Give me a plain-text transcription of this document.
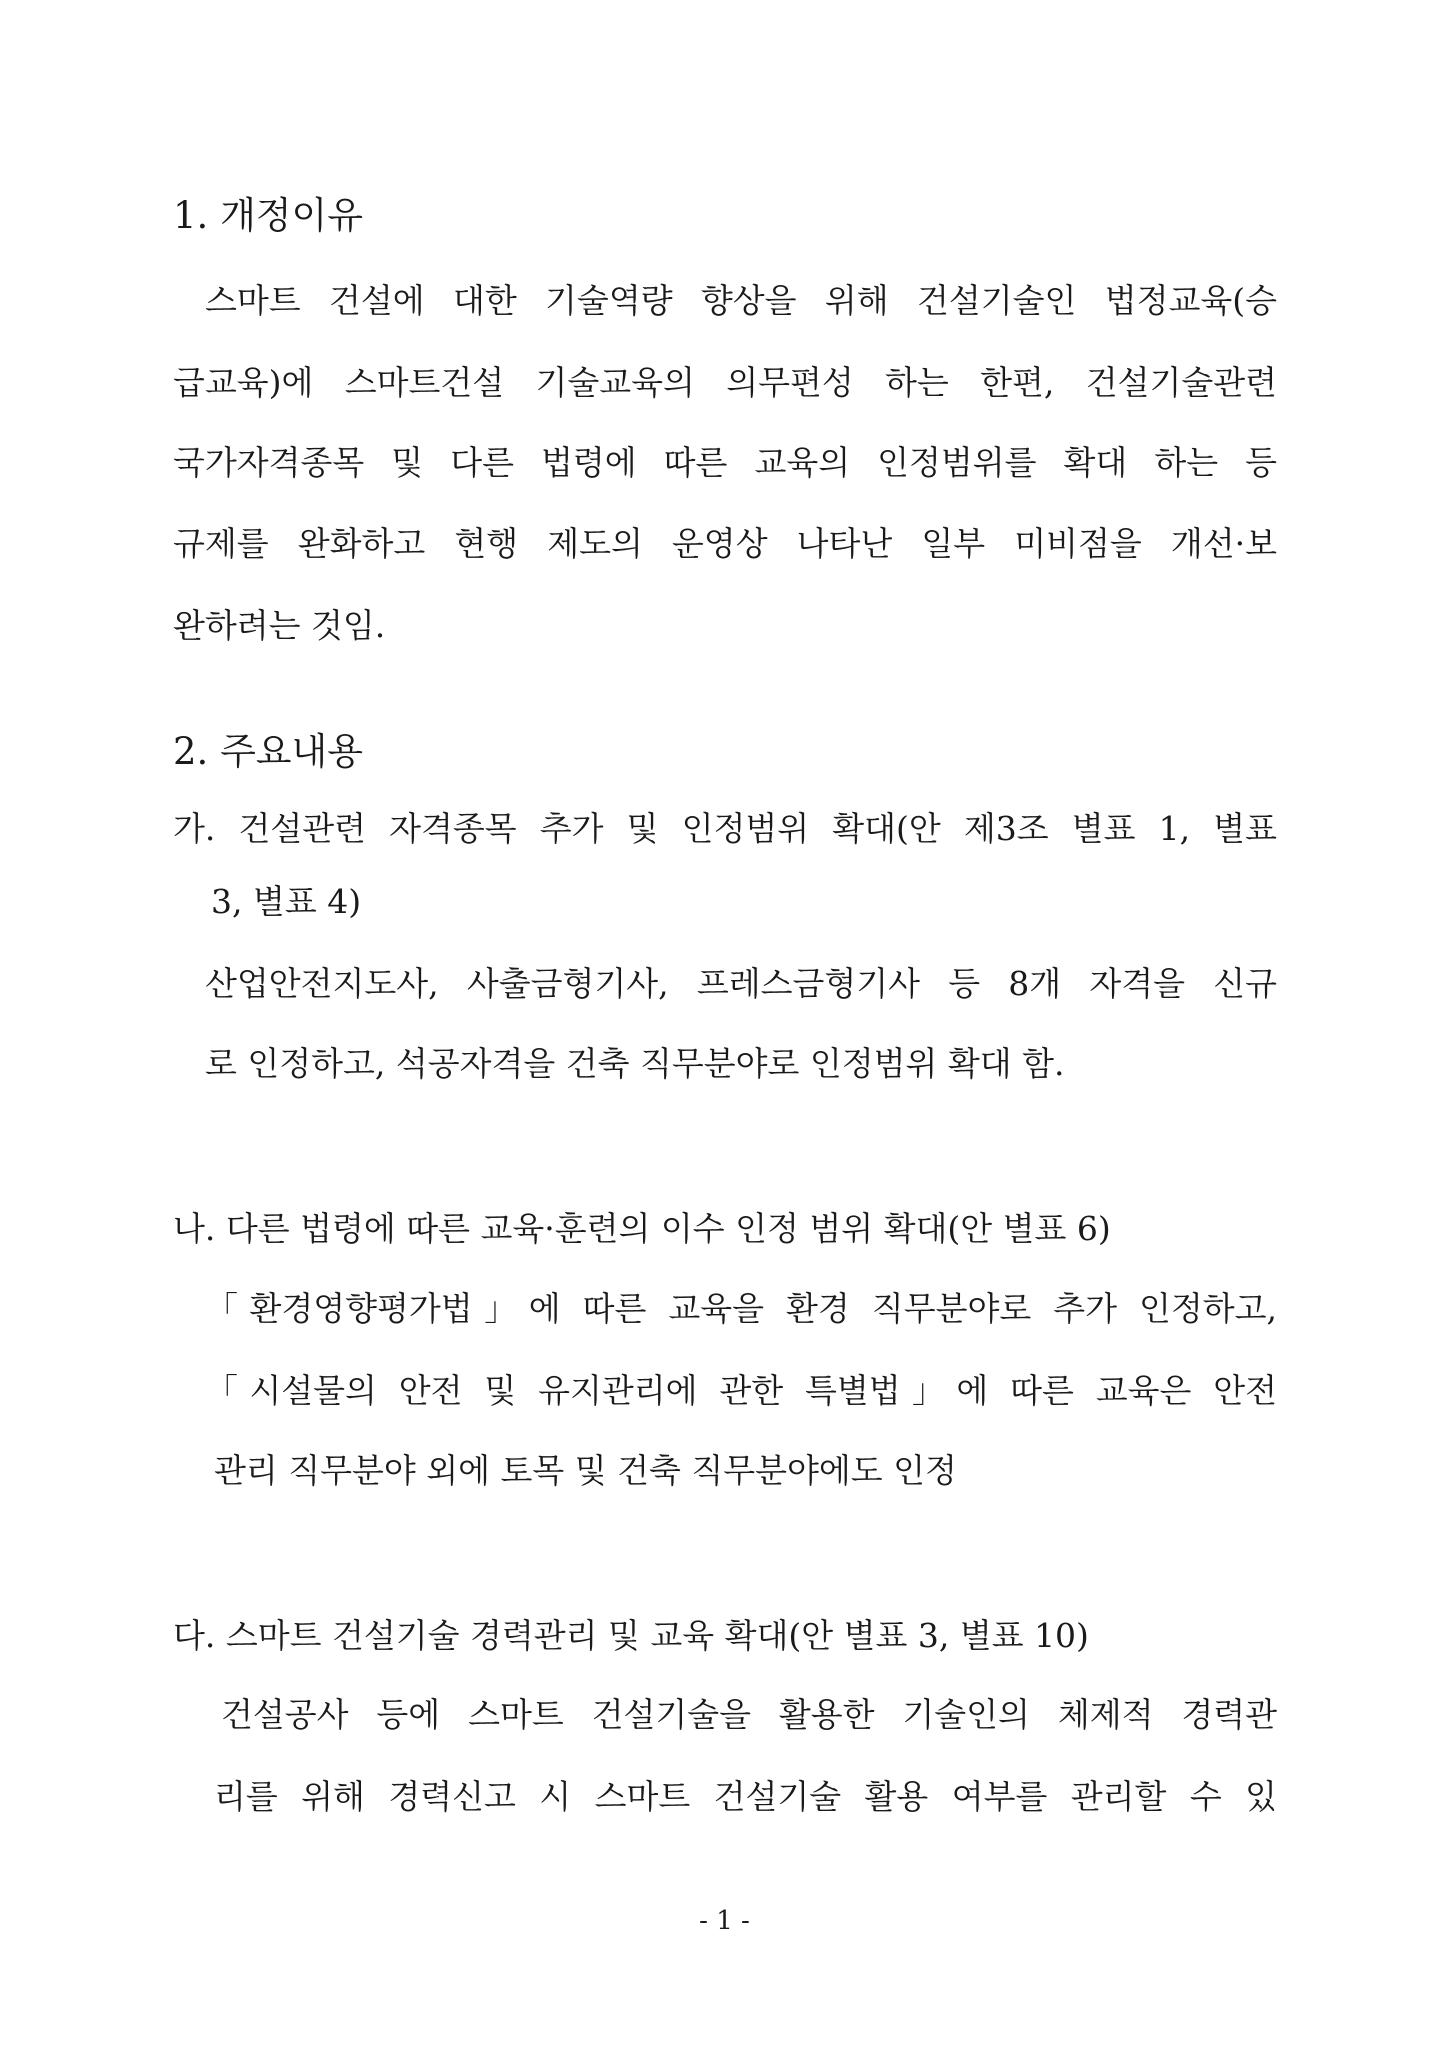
1. 개정이유
스마트 건설에 대한 기술역량 향상을 위해 건설기술인 법정교육(승
급교육)에 스마트건설 기술교육의 의무편성 하는 한편, 건설기술관련
국가자격종목 및 다른 법령에 따른 교육의 인정범위를 확대 하는 등
규제를 완화하고 현행 제도의 운영상 나타난 일부 미비점을 개선·보
완하려는 것임.
2. 주요내용
가. 건설관련 자격종목 추가 및 인정범위 확대(안 제3조 별표 1, 별표
3, 별표 4)
산업안전지도사, 사출금형기사, 프레스금형기사 등 8개 자격을 신규
로 인정하고, 석공자격을 건축 직무분야로 인정범위 확대 함.
나. 다른 법령에 따른 교육·훈련의 이수 인정 범위 확대(안 별표 6)
「환경영향평가법」에 따른 교육을 환경 직무분야로 추가 인정하고,
「시설물의 안전 및 유지관리에 관한 특별법」에 따른 교육은 안전
관리 직무분야 외에 토목 및 건축 직무분야에도 인정
다. 스마트 건설기술 경력관리 및 교육 확대(안 별표 3, 별표 10)
건설공사 등에 스마트 건설기술을 활용한 기술인의 체제적 경력관
리를 위해 경력신고 시 스마트 건설기술 활용 여부를 관리할 수 있
- 1 -
